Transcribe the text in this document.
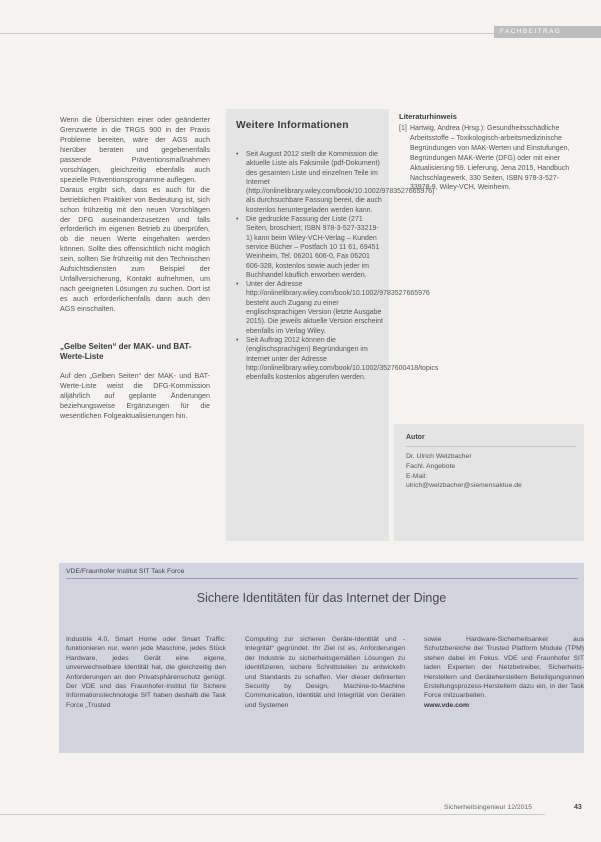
FACHBEITRAG

Wenn die Übersichten einer oder geänderter Grenzwerte in die TRGS 900 in der Praxis Probleme bereiten, wäre der AGS auch hierüber beraten und gegebenenfalls passende Präventionsmaßnahmen vorschlagen, gleichzeitig ebenfalls auch spezielle Präventionsprogramme auflegen.

Daraus ergibt sich, dass es auch für die betrieblichen Praktiker von Bedeutung ist, sich schon frühzeitig mit den neuen Vorschlägen der DFG auseinanderzusetzen und falls erforderlich im eigenen Betrieb zu überprüfen, ob die neuen Werte eingehalten werden können. Sollte dies offensichtlich nicht möglich sein, sollten Sie frühzeitig mit den Technischen Aufsichtsdiensten zum Beispiel der Unfallversicherung, Kontakt aufnehmen, um nach geeigneten Lösungen zu suchen. Dort ist es auch erforderlichenfalls dann auch den AGS einschalten.

„Gelbe Seiten“ der MAK- und BAT-Werte-Liste

Auf den „Gelben Seiten“ der MAK- und BAT-Werte-Liste weist die DFG-Kommission alljährlich auf geplante Änderungen beziehungsweise Ergänzungen für die wesentlichen Folgeaktualisierungen hin.

Weitere Informationen
• Seit August 2012 stellt die Kommission die aktuelle Liste als Faksimile (pdf-Dokument) des gesamten Liste und einzelnen Teile im Internet (http://onlinelibrary.wiley.com/book/10.1002/9783527665976) als durchsuchbare Fassung bereit, die auch kostenlos heruntergeladen werden kann.
• Die gedruckte Fassung der Liste (271 Seiten, broschiert; ISBN 978-3-527-33219-1) kann beim Wiley-VCH-Verlag – Kunden service Bücher – Postfach 10 11 61, 69451 Weinheim, Tel. 06201 606-0, Fax 06201 606-328, kostenlos sowie auch jeder im Buchhandel käuflich erworben werden.
• Unter der Adresse http://onlinelibrary.wiley.com/book/10.1002/9783527665976 besteht auch Zugang zu einer englischsprachigen Version (letzte Ausgabe 2015). Die jeweils aktuelle Version erscheint ebenfalls im Verlag Wiley.
• Seit Auftrag 2012 können die (englischsprachigen) Begründungen im Internet unter der Adresse http://onlinelibrary.wiley.com/book/10.1002/3527600418/topics ebenfalls kostenlos abgerufen werden.
Literaturhinweis
[1] Hartwig, Andrea (Hrsg.): Gesundheitsschädliche Arbeitsstoffe – Toxikologisch-arbeitsmedizinische Begründungen von MAK-Werten und Einstufungen, Begründungen MAK-Werte (DFG) oder mit einer Aktualisierung 59. Lieferung, Jena 2015, Handbuch Nachschlagewerk, 330 Seiten, ISBN 978-3-527-33978-9, Wiley-VCH, Weinheim.
Autor
Dr. Ulrich Welzbacher
Fachl. Angebote
E-Mail:
ulrich@welzbacher@siemensaktue.de
VDE/Fraunhofer Institut SIT Task Force
Sichere Identitäten für das Internet der Dinge
Industrie 4.0, Smart Home oder Smart Traffic: funktionieren nur, wenn jede Maschine, jedes Stück Hardware, jedes Gerät eine eigene, unverwechselbare Identität hat, die gleichzeitig den Anforderungen an den Privatsphärenschutz genügt. Der VDE und das Fraunhofer-Institut für Sichere Informationstechnologie SIT haben deshalb die Task Force „Trusted
Computing zur sicheren Geräte-Identität und -Integrität“ gegründet. Ihr Ziel ist es, Anforderungen der Industrie zu sicherheitsgemäßen Lösungen zu identifizieren, sichere Schnittstellen zu entwickeln und Standards zu schaffen. Vier dieser definierten Security by Design, Machine-to-Machine Communication, Identität und Integrität von Geräten und Systemen
sowie Hardware-Sicherheitsanker aus Schutzbereiche der Trusted Platform Module (TPM) stehen dabei im Fokus. VDE und Fraunhofer SIT laden Experten der Netzbetreiber, Sicherheits-Herstellern und Geräteherstellern Beteiligungsinnen Erstellungsprozess-Herstellern dazu ein, in der Task Force mitzuarbeiten.
www.vde.com
Sicherheitsingenieur 12/2015	43
